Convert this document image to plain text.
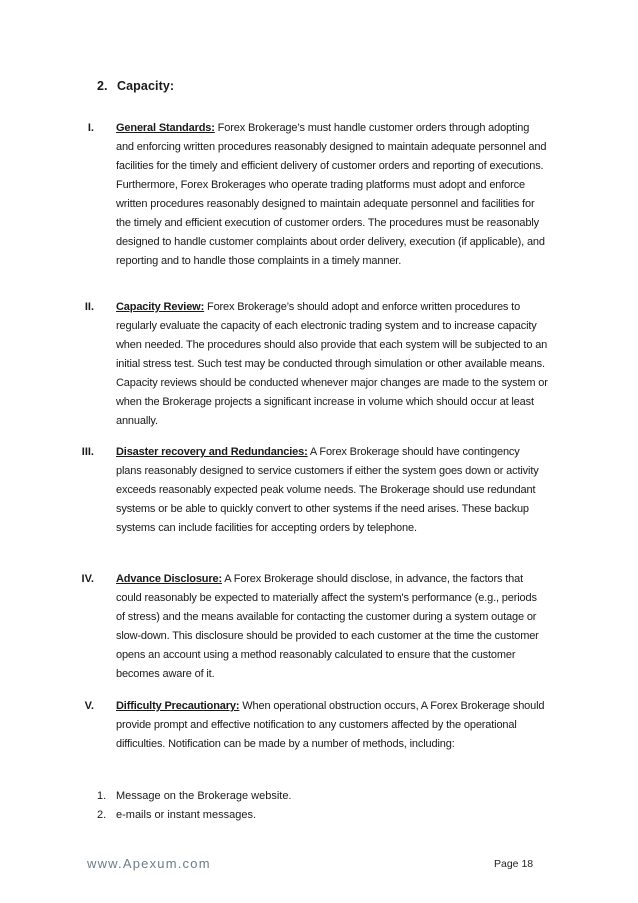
2. Capacity:
I. General Standards: Forex Brokerage’s must handle customer orders through adopting and enforcing written procedures reasonably designed to maintain adequate personnel and facilities for the timely and efficient delivery of customer orders and reporting of executions. Furthermore, Forex Brokerages who operate trading platforms must adopt and enforce written procedures reasonably designed to maintain adequate personnel and facilities for the timely and efficient execution of customer orders. The procedures must be reasonably designed to handle customer complaints about order delivery, execution (if applicable), and reporting and to handle those complaints in a timely manner.
II. Capacity Review: Forex Brokerage’s should adopt and enforce written procedures to regularly evaluate the capacity of each electronic trading system and to increase capacity when needed. The procedures should also provide that each system will be subjected to an initial stress test. Such test may be conducted through simulation or other available means. Capacity reviews should be conducted whenever major changes are made to the system or when the Brokerage projects a significant increase in volume which should occur at least annually.
III. Disaster recovery and Redundancies: A Forex Brokerage should have contingency plans reasonably designed to service customers if either the system goes down or activity exceeds reasonably expected peak volume needs. The Brokerage should use redundant systems or be able to quickly convert to other systems if the need arises. These backup systems can include facilities for accepting orders by telephone.
IV. Advance Disclosure: A Forex Brokerage should disclose, in advance, the factors that could reasonably be expected to materially affect the system's performance (e.g., periods of stress) and the means available for contacting the customer during a system outage or slow-down. This disclosure should be provided to each customer at the time the customer opens an account using a method reasonably calculated to ensure that the customer becomes aware of it.
V. Difficulty Precautionary: When operational obstruction occurs, A Forex Brokerage should provide prompt and effective notification to any customers affected by the operational difficulties. Notification can be made by a number of methods, including:
1. Message on the Brokerage website.
2. e-mails or instant messages.
www.Apexum.com	Page 18
